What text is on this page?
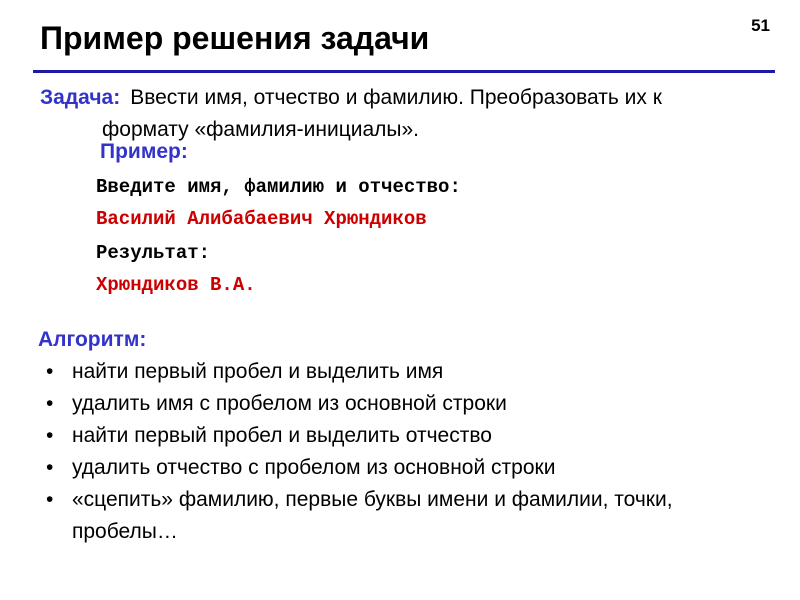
Пример решения задачи	51
Задача: Ввести имя, отчество и фамилию. Преобразовать их к
формату «фамилия-инициалы».
Пример:
Введите имя, фамилию и отчество:
Василий Алибабаевич Хрюндиков
Результат:
Хрюндиков В.А.
Алгоритм:
• найти первый пробел и выделить имя
• удалить имя с пробелом из основной строки
• найти первый пробел и выделить отчество
• удалить отчество с пробелом из основной строки
• «сцепить» фамилию, первые буквы имени и фамилии, точки, пробелы…
